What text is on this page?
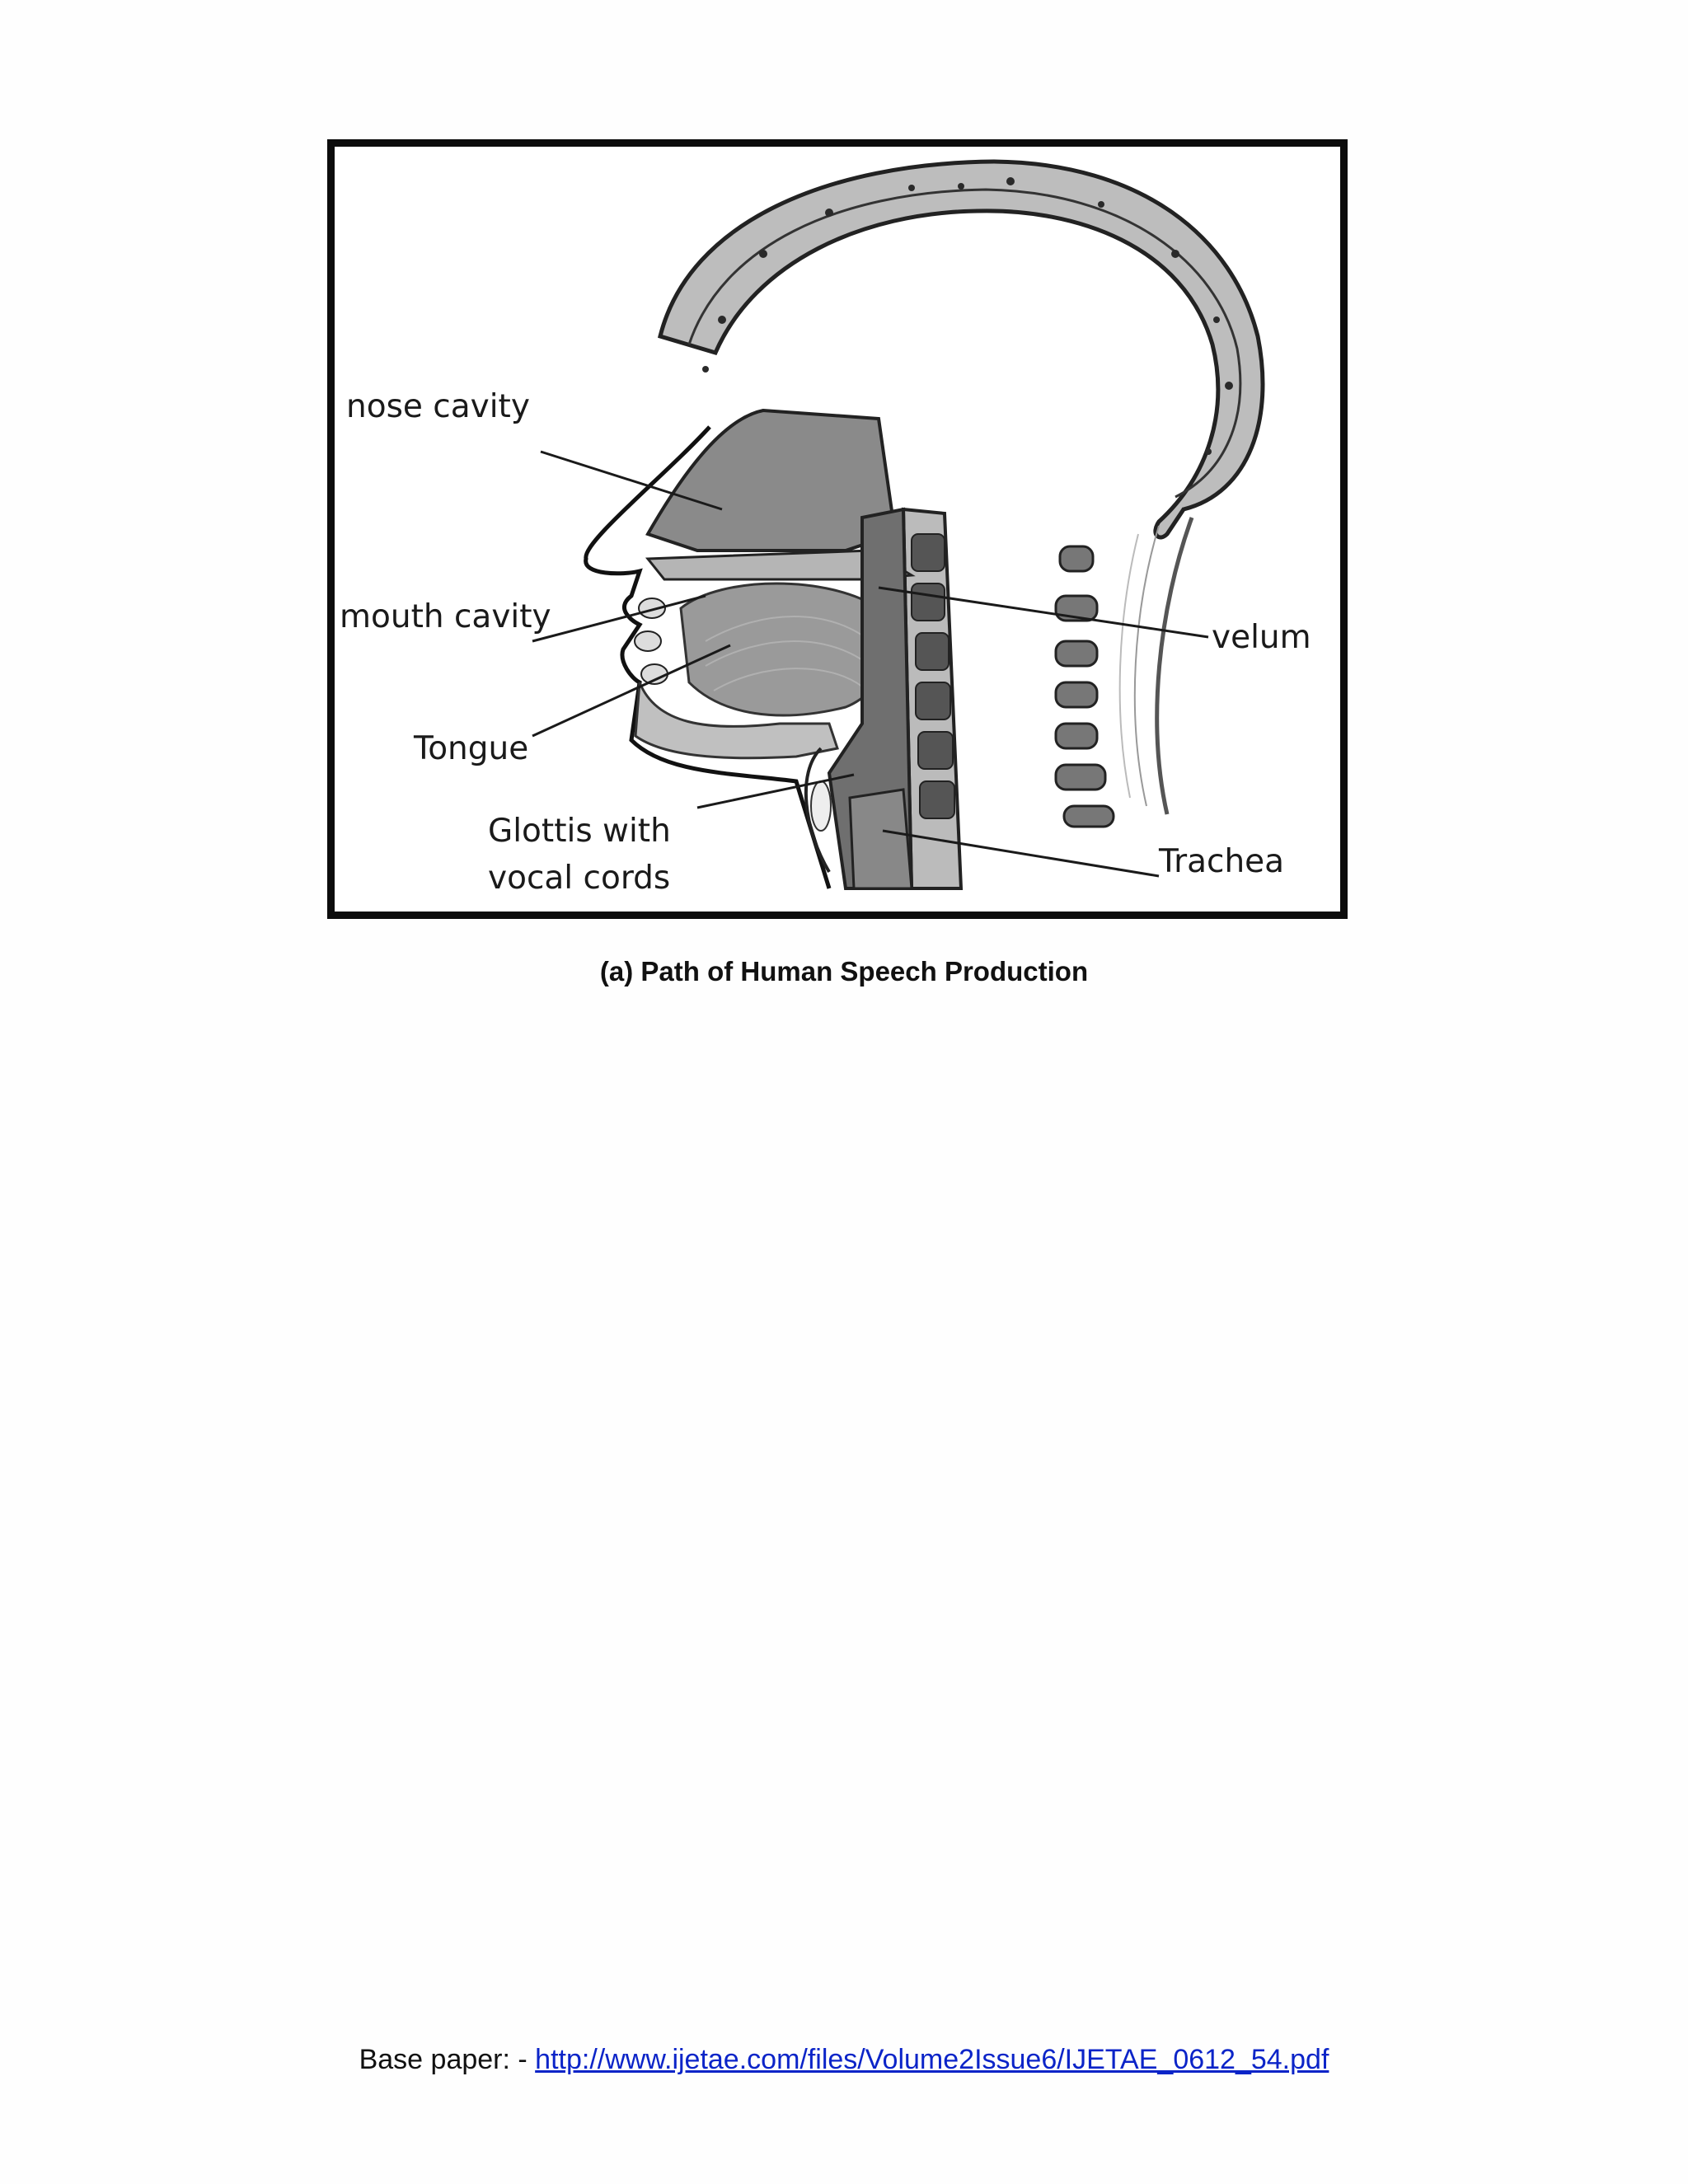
nose cavity
mouth cavity
Tongue
Glottis with
vocal cords
velum
Trachea
(a) Path of Human Speech Production
Base paper: - http://www.ijetae.com/files/Volume2Issue6/IJETAE_0612_54.pdf
